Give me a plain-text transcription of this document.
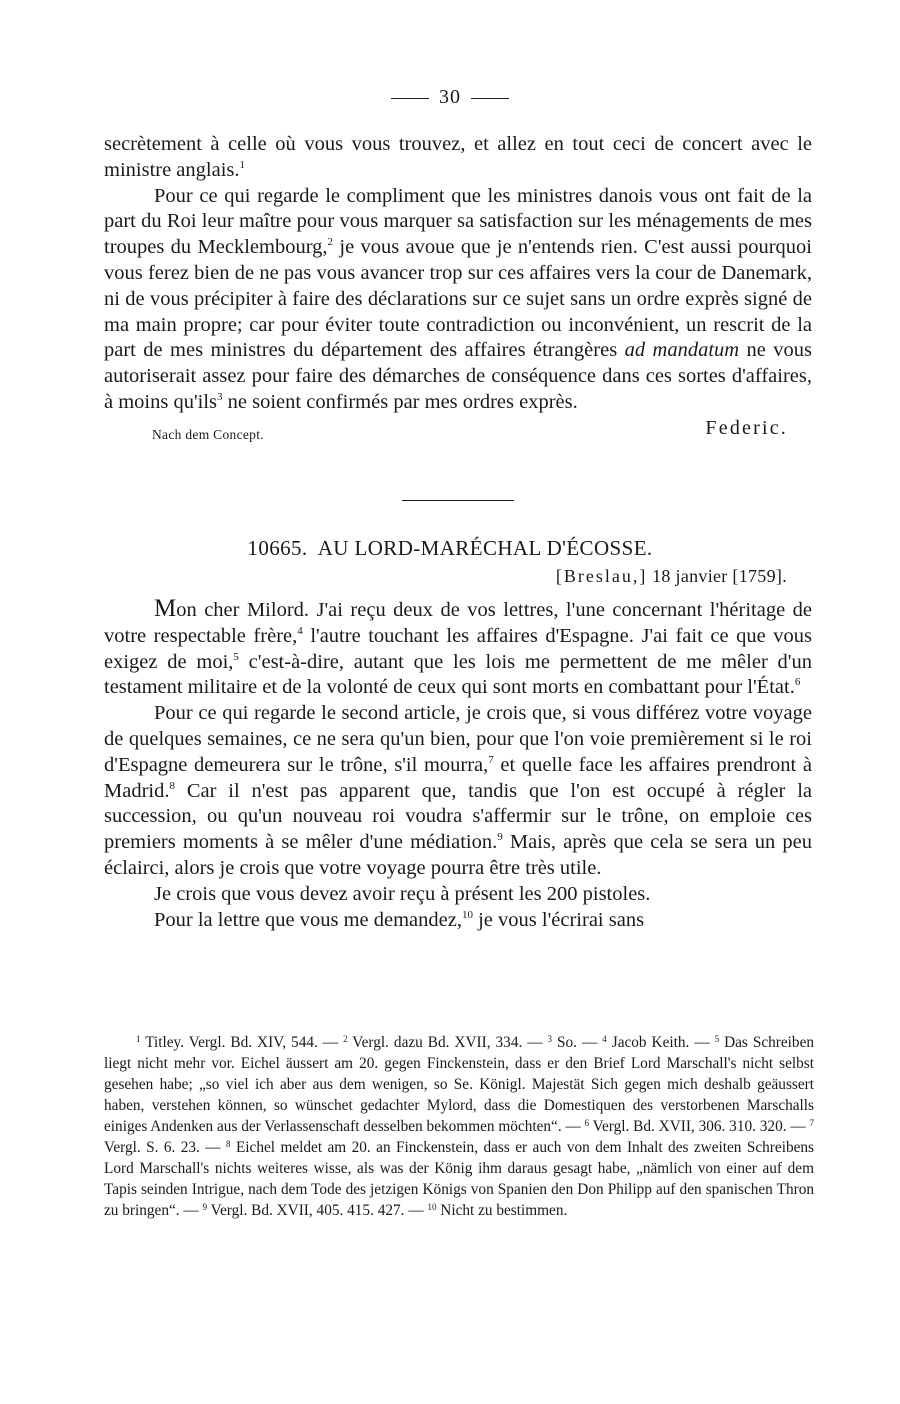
30

secrètement à celle où vous vous trouvez, et allez en tout ceci de concert avec le ministre anglais.$^1$

Pour ce qui regarde le compliment que les ministres danois vous ont fait de la part du Roi leur maître pour vous marquer sa satisfaction sur les ménagements de mes troupes du Mecklembourg,$^2$ je vous avoue que je n'entends rien. C'est aussi pourquoi vous ferez bien de ne pas vous avancer trop sur ces affaires vers la cour de Danemark, ni de vous précipiter à faire des déclarations sur ce sujet sans un ordre exprès signé de ma main propre; car pour éviter toute contradiction ou inconvénient, un rescrit de la part de mes ministres du département des affaires étrangères ad mandatum ne vous autoriserait assez pour faire des démarches de conséquence dans ces sortes d'affaires, à moins qu'ils$^3$ ne soient confirmés par mes ordres exprès.

Nach dem Concept.	Federic.
10665. AU LORD-MARÉCHAL D'ÉCOSSE.
[Breslau,] 18 janvier [1759].

Mon cher Milord. J'ai reçu deux de vos lettres, l'une concernant l'héritage de votre respectable frère,$^4$ l'autre touchant les affaires d'Espagne. J'ai fait ce que vous exigez de moi,$^5$ c'est-à-dire, autant que les lois me permettent de me mêler d'un testament militaire et de la volonté de ceux qui sont morts en combattant pour l'État.$^6$

Pour ce qui regarde le second article, je crois que, si vous différez votre voyage de quelques semaines, ce ne sera qu'un bien, pour que l'on voie premièrement si le roi d'Espagne demeurera sur le trône, s'il mourra,$^7$ et quelle face les affaires prendront à Madrid.$^8$ Car il n'est pas apparent que, tandis que l'on est occupé à régler la succession, ou qu'un nouveau roi voudra s'affermir sur le trône, on emploie ces premiers moments à se mêler d'une médiation.$^9$ Mais, après que cela se sera un peu éclairci, alors je crois que votre voyage pourra être très utile.

Je crois que vous devez avoir reçu à présent les 200 pistoles.

Pour la lettre que vous me demandez,$^{10}$ je vous l'écrirai sans

$^1$ Titley. Vergl. Bd. XIV, 544. — $^2$ Vergl. dazu Bd. XVII, 334. — $^3$ So. — $^4$ Jacob Keith. — $^5$ Das Schreiben liegt nicht mehr vor. Eichel äussert am 20. gegen Finckenstein, dass er den Brief Lord Marschall's nicht selbst gesehen habe; „so viel ich aber aus dem wenigen, so Se. Königl. Majestät Sich gegen mich deshalb geäussert haben, verstehen können, so wünschet gedachter Mylord, dass die Domestiquen des verstorbenen Marschalls einiges Andenken aus der Verlassenschaft desselben bekommen möchten“. — $^6$ Vergl. Bd. XVII, 306. 310. 320. — $^7$ Vergl. S. 6. 23. — $^8$ Eichel meldet am 20. an Finckenstein, dass er auch von dem Inhalt des zweiten Schreibens Lord Marschall's nichts weiteres wisse, als was der König ihm daraus gesagt habe, „nämlich von einer auf dem Tapis seinden Intrigue, nach dem Tode des jetzigen Königs von Spanien den Don Philipp auf den spanischen Thron zu bringen“. — $^9$ Vergl. Bd. XVII, 405. 415. 427. — $^{10}$ Nicht zu bestimmen.
